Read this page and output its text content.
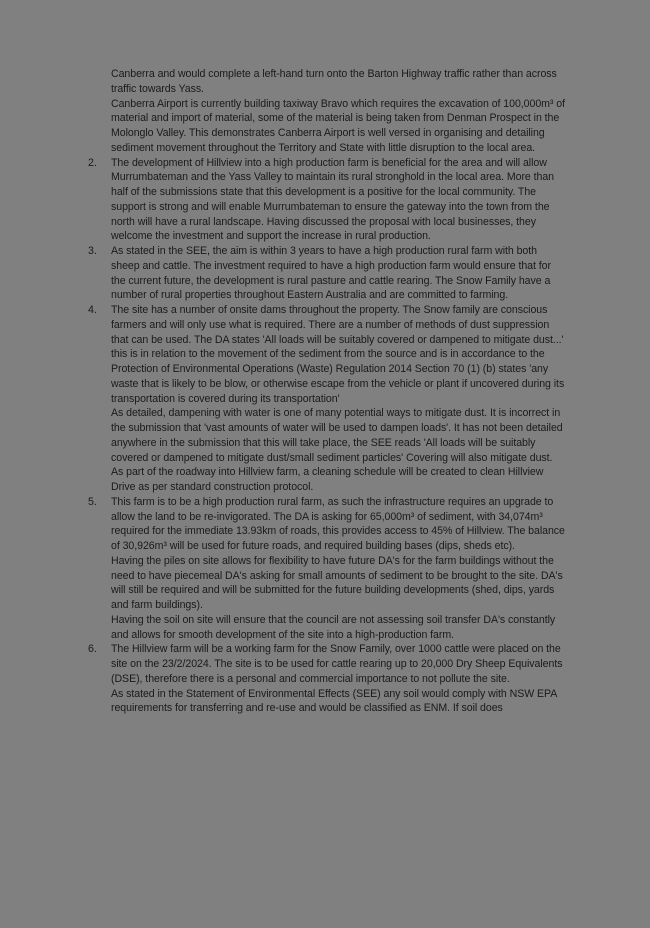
Canberra and would complete a left-hand turn onto the Barton Highway traffic rather than across traffic towards Yass.

Canberra Airport is currently building taxiway Bravo which requires the excavation of 100,000m³ of material and import of material, some of the material is being taken from Denman Prospect in the Molonglo Valley. This demonstrates Canberra Airport is well versed in organising and detailing sediment movement throughout the Territory and State with little disruption to the local area.

2.	The development of Hillview into a high production farm is beneficial for the area and will allow Murrumbateman and the Yass Valley to maintain its rural stronghold in the local area. More than half of the submissions state that this development is a positive for the local community. The support is strong and will enable Murrumbateman to ensure the gateway into the town from the north will have a rural landscape. Having discussed the proposal with local businesses, they welcome the investment and support the increase in rural production.

3.	As stated in the SEE, the aim is within 3 years to have a high production rural farm with both sheep and cattle. The investment required to have a high production farm would ensure that for the current future, the development is rural pasture and cattle rearing. The Snow Family have a number of rural properties throughout Eastern Australia and are committed to farming.

4.	The site has a number of onsite dams throughout the property. The Snow family are conscious farmers and will only use what is required. There are a number of methods of dust suppression that can be used. The DA states 'All loads will be suitably covered or dampened to mitigate dust...' this is in relation to the movement of the sediment from the source and is in accordance to the Protection of Environmental Operations (Waste) Regulation 2014 Section 70 (1) (b) states 'any waste that is likely to be blow, or otherwise escape from the vehicle or plant if uncovered during its transportation is covered during its transportation'

As detailed, dampening with water is one of many potential ways to mitigate dust. It is incorrect in the submission that 'vast amounts of water will be used to dampen loads'. It has not been detailed anywhere in the submission that this will take place, the SEE reads 'All loads will be suitably covered or dampened to mitigate dust/small sediment particles' Covering will also mitigate dust. As part of the roadway into Hillview farm, a cleaning schedule will be created to clean Hillview Drive as per standard construction protocol.

5.	This farm is to be a high production rural farm, as such the infrastructure requires an upgrade to allow the land to be re-invigorated. The DA is asking for 65,000m³ of sediment, with 34,074m³ required for the immediate 13.93km of roads, this provides access to 45% of Hillview. The balance of 30,926m³ will be used for future roads, and required building bases (dips, sheds etc).

Having the piles on site allows for flexibility to have future DA's for the farm buildings without the need to have piecemeal DA's asking for small amounts of sediment to be brought to the site. DA's will still be required and will be submitted for the future building developments (shed, dips, yards and farm buildings).

Having the soil on site will ensure that the council are not assessing soil transfer DA's constantly and allows for smooth development of the site into a high-production farm.

6.	The Hillview farm will be a working farm for the Snow Family, over 1000 cattle were placed on the site on the 23/2/2024. The site is to be used for cattle rearing up to 20,000 Dry Sheep Equivalents (DSE), therefore there is a personal and commercial importance to not pollute the site.

As stated in the Statement of Environmental Effects (SEE) any soil would comply with NSW EPA requirements for transferring and re-use and would be classified as ENM. If soil does
